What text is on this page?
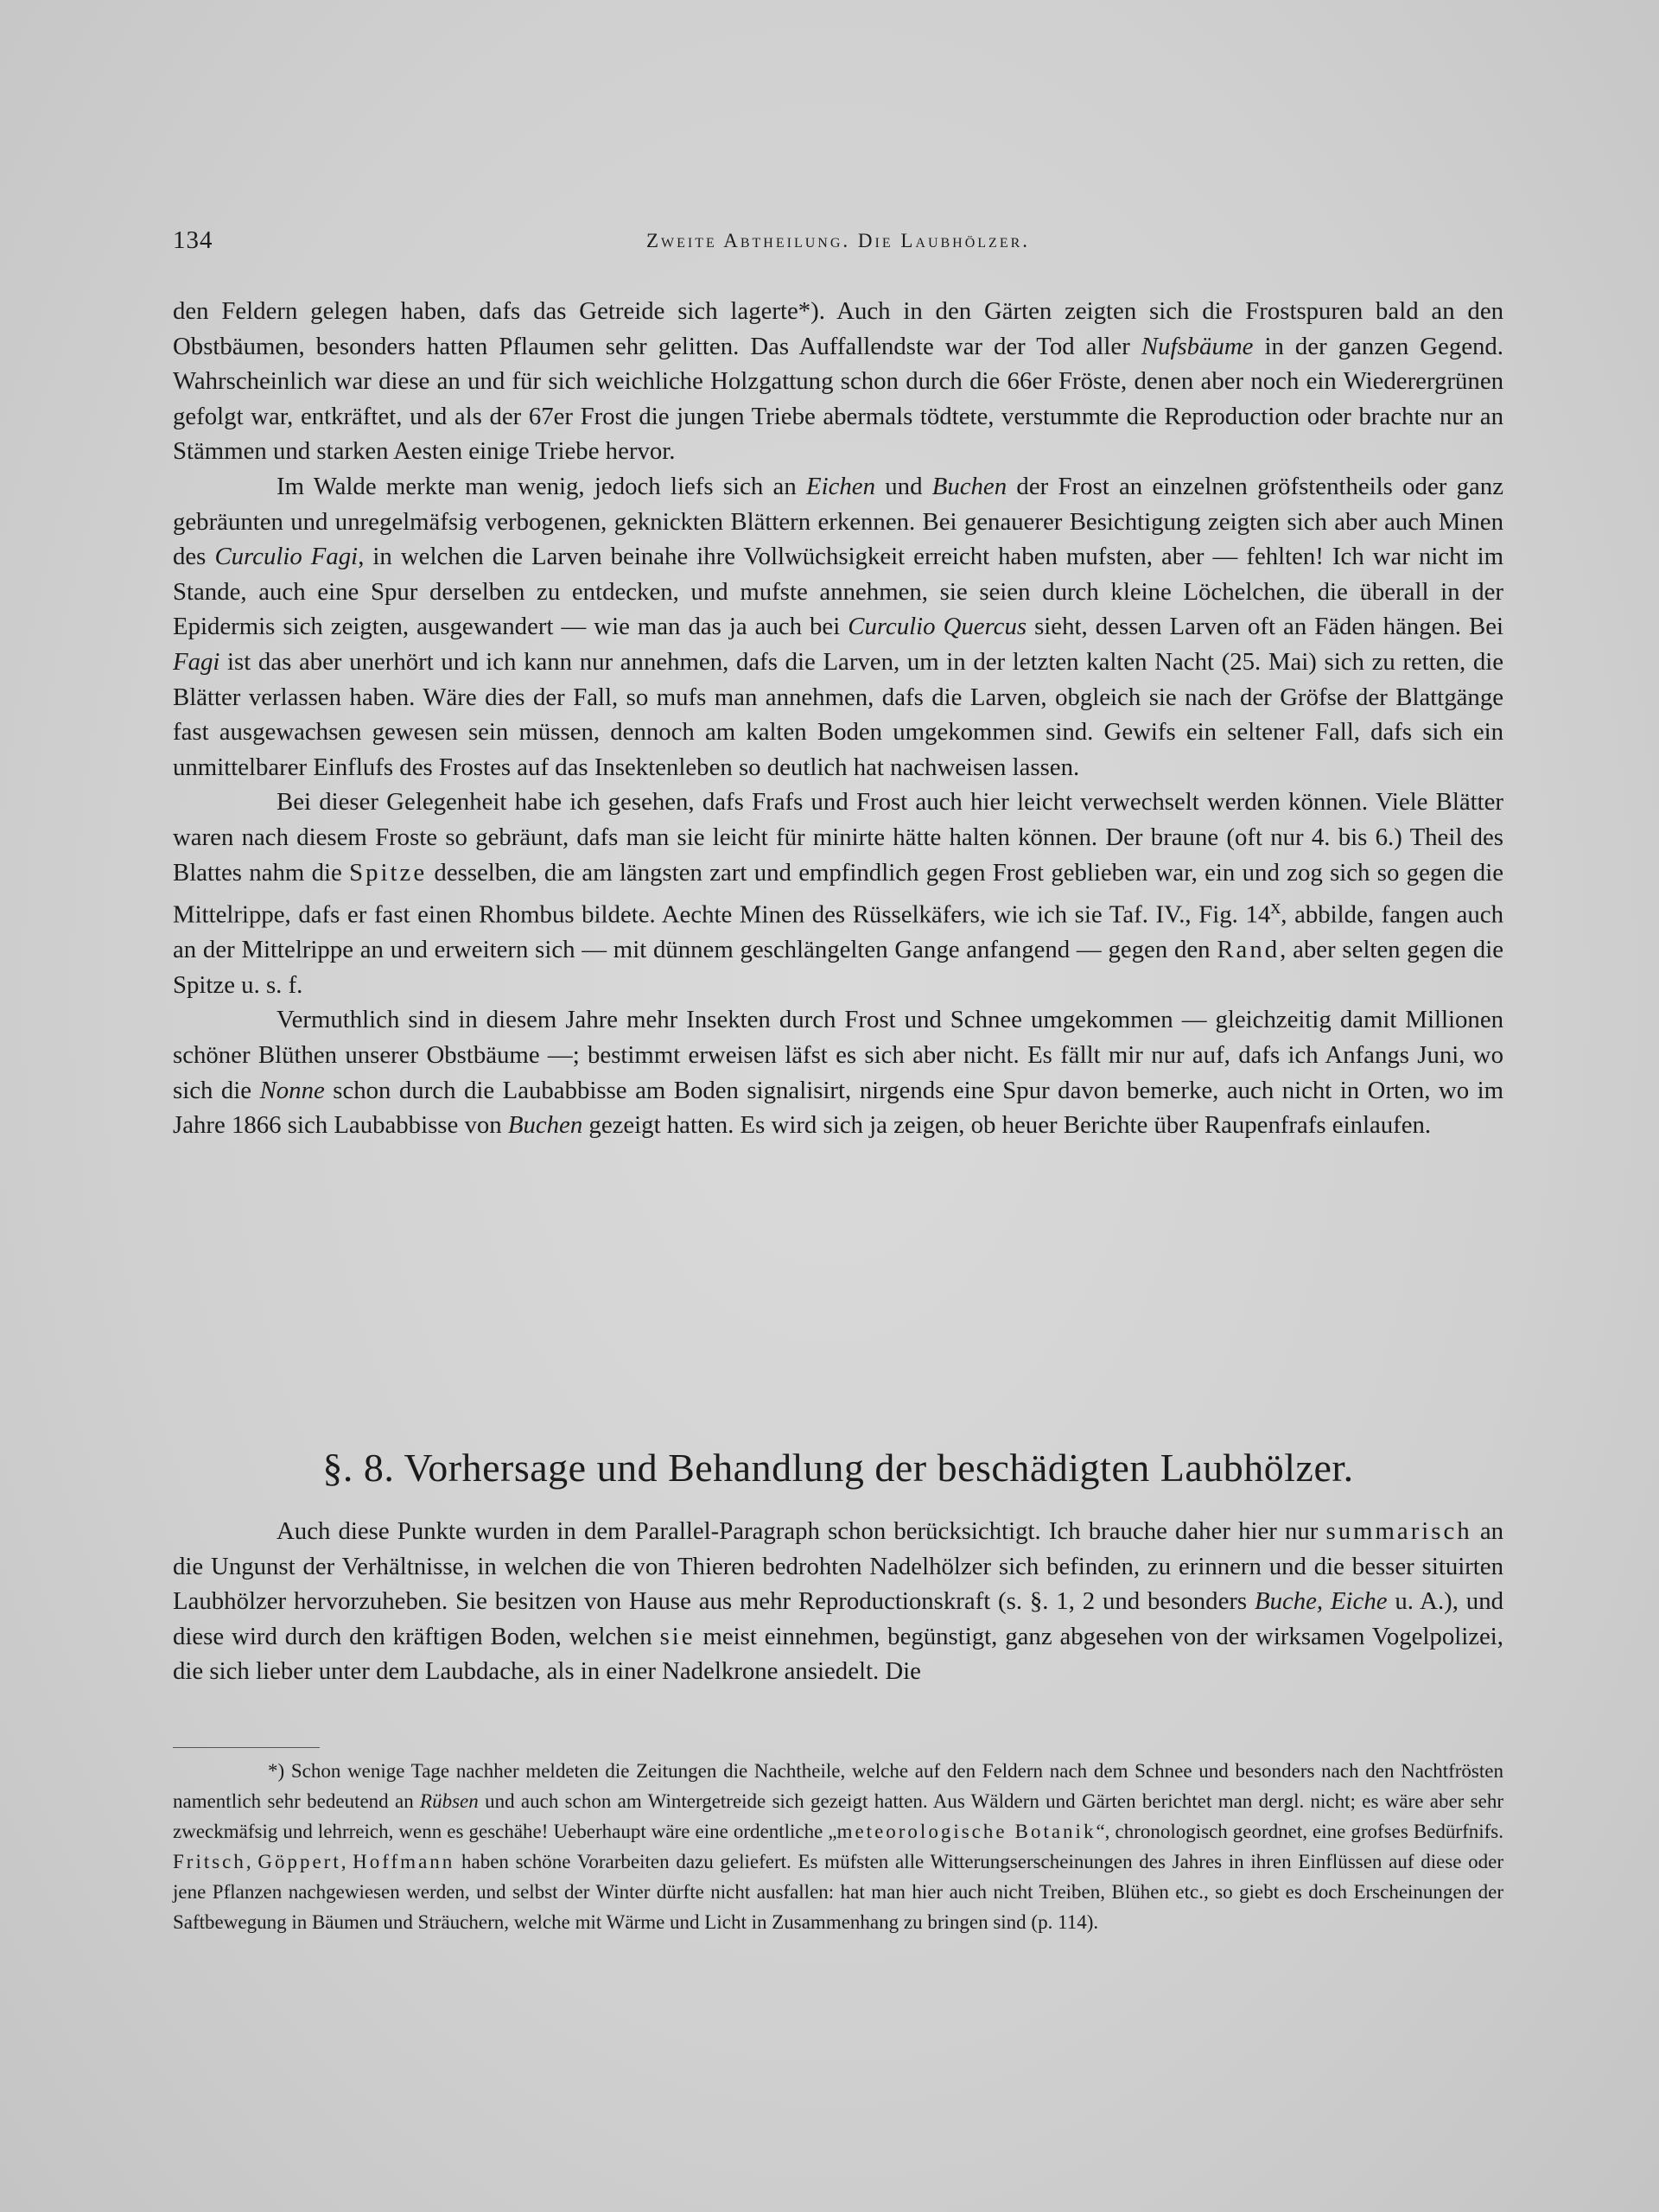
134	Zweite Abtheilung. Die Laubhölzer.

den Feldern gelegen haben, dafs das Getreide sich lagerte*). Auch in den Gärten zeigten sich die Frostspuren bald an den Obstbäumen, besonders hatten Pflaumen sehr gelitten. Das Auffallendste war der Tod aller Nufsbäume in der ganzen Gegend. Wahrscheinlich war diese an und für sich weichliche Holzgattung schon durch die 66er Fröste, denen aber noch ein Wiederergrünen gefolgt war, entkräftet, und als der 67er Frost die jungen Triebe abermals tödtete, verstummte die Reproduction oder brachte nur an Stämmen und starken Aesten einige Triebe hervor.

Im Walde merkte man wenig, jedoch liefs sich an Eichen und Buchen der Frost an einzelnen gröfstentheils oder ganz gebräunten und unregelmäfsig verbogenen, geknickten Blättern erkennen. Bei genauerer Besichtigung zeigten sich aber auch Minen des Curculio Fagi, in welchen die Larven beinahe ihre Vollwüchsigkeit erreicht haben mufsten, aber — fehlten! Ich war nicht im Stande, auch eine Spur derselben zu entdecken, und mufste annehmen, sie seien durch kleine Löchelchen, die überall in der Epidermis sich zeigten, ausgewandert — wie man das ja auch bei Curculio Quercus sieht, dessen Larven oft an Fäden hängen. Bei Fagi ist das aber unerhört und ich kann nur annehmen, dafs die Larven, um in der letzten kalten Nacht (25. Mai) sich zu retten, die Blätter verlassen haben. Wäre dies der Fall, so mufs man annehmen, dafs die Larven, obgleich sie nach der Gröfse der Blattgänge fast ausgewachsen gewesen sein müssen, dennoch am kalten Boden umgekommen sind. Gewifs ein seltener Fall, dafs sich ein unmittelbarer Einflufs des Frostes auf das Insektenleben so deutlich hat nachweisen lassen.

Bei dieser Gelegenheit habe ich gesehen, dafs Frafs und Frost auch hier leicht verwechselt werden können. Viele Blätter waren nach diesem Froste so gebräunt, dafs man sie leicht für minirte hätte halten können. Der braune (oft nur 4. bis 6.) Theil des Blattes nahm die Spitze desselben, die am längsten zart und empfindlich gegen Frost geblieben war, ein und zog sich so gegen die Mittelrippe, dafs er fast einen Rhombus bildete. Aechte Minen des Rüsselkäfers, wie ich sie Taf. IV., Fig. 14$^x$, abbilde, fangen auch an der Mittelrippe an und erweitern sich — mit dünnem geschlängelten Gange anfangend — gegen den Rand, aber selten gegen die Spitze u. s. f.

Vermuthlich sind in diesem Jahre mehr Insekten durch Frost und Schnee umgekommen — gleichzeitig damit Millionen schöner Blüthen unserer Obstbäume —; bestimmt erweisen läfst es sich aber nicht. Es fällt mir nur auf, dafs ich Anfangs Juni, wo sich die Nonne schon durch die Laubabbisse am Boden signalisirt, nirgends eine Spur davon bemerke, auch nicht in Orten, wo im Jahre 1866 sich Laubabbisse von Buchen gezeigt hatten. Es wird sich ja zeigen, ob heuer Berichte über Raupenfrafs einlaufen.

§. 8. Vorhersage und Behandlung der beschädigten Laubhölzer.

Auch diese Punkte wurden in dem Parallel-Paragraph schon berücksichtigt. Ich brauche daher hier nur summarisch an die Ungunst der Verhältnisse, in welchen die von Thieren bedrohten Nadelhölzer sich befinden, zu erinnern und die besser situirten Laubhölzer hervorzuheben. Sie besitzen von Hause aus mehr Reproductionskraft (s. §. 1, 2 und besonders Buche, Eiche u. A.), und diese wird durch den kräftigen Boden, welchen sie meist einnehmen, begünstigt, ganz abgesehen von der wirksamen Vogelpolizei, die sich lieber unter dem Laubdache, als in einer Nadelkrone ansiedelt. Die

*) Schon wenige Tage nachher meldeten die Zeitungen die Nachtheile, welche auf den Feldern nach dem Schnee und besonders nach den Nachtfrösten namentlich sehr bedeutend an Rübsen und auch schon am Wintergetreide sich gezeigt hatten. Aus Wäldern und Gärten berichtet man dergl. nicht; es wäre aber sehr zweckmäfsig und lehrreich, wenn es geschähe! Ueberhaupt wäre eine ordentliche „meteorologische Botanik“, chronologisch geordnet, eine grofses Bedürfnifs. Fritsch, Göppert, Hoffmann haben schöne Vorarbeiten dazu geliefert. Es müfsten alle Witterungserscheinungen des Jahres in ihren Einflüssen auf diese oder jene Pflanzen nachgewiesen werden, und selbst der Winter dürfte nicht ausfallen: hat man hier auch nicht Treiben, Blühen etc., so giebt es doch Erscheinungen der Saftbewegung in Bäumen und Sträuchern, welche mit Wärme und Licht in Zusammenhang zu bringen sind (p. 114).
